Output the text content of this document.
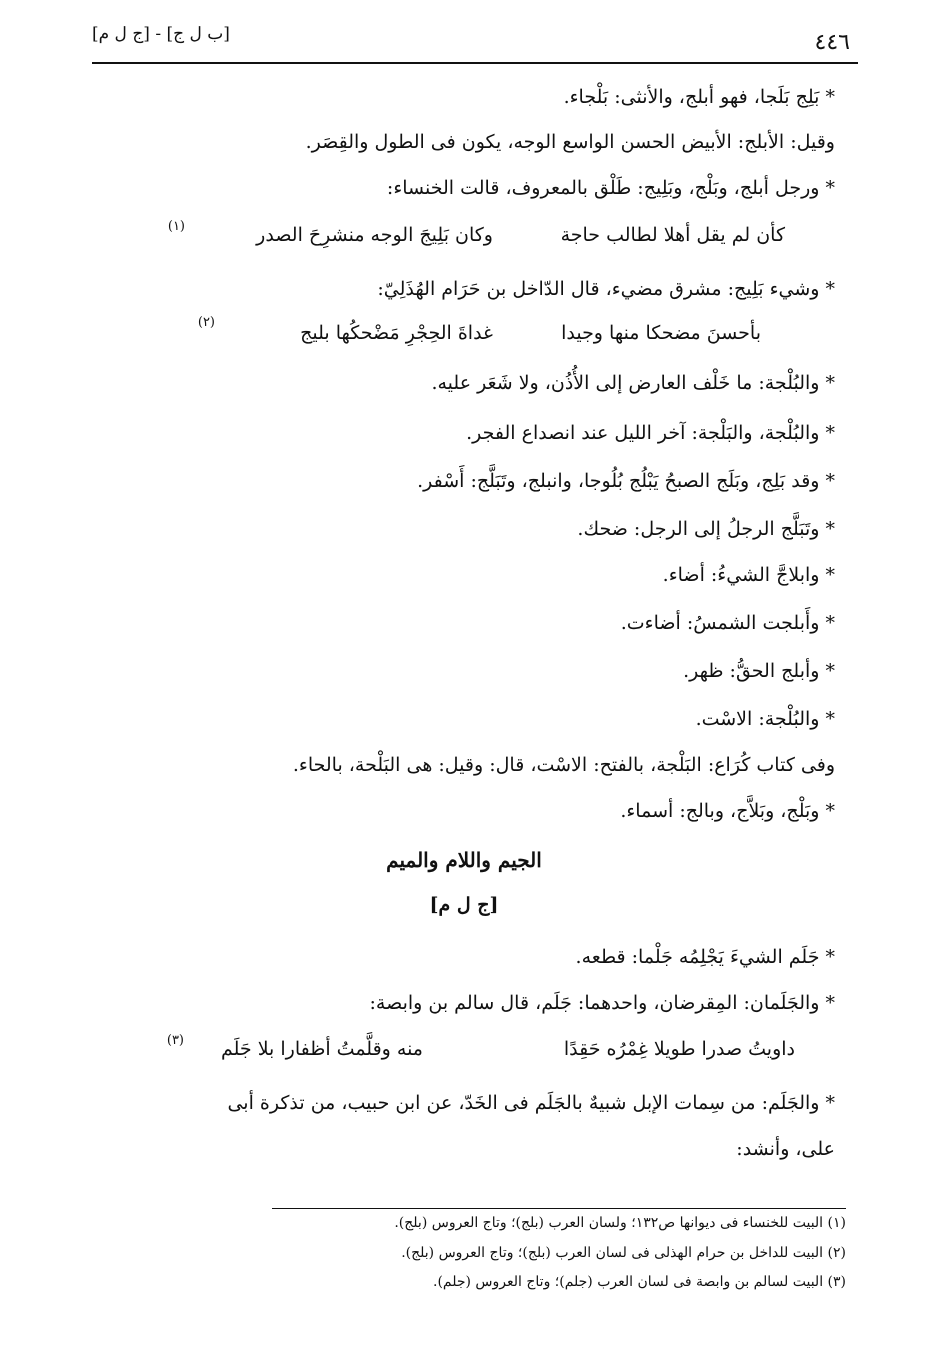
٤٤٦
[ب ل ج] - [ج ل م]
* بَلِج بَلَجا، فهو أبلج، والأنثى: بَلْجاء.
وقيل: الأبلج: الأبيض الحسن الواسع الوجه، يكون فى الطول والقِصَر.
* ورجل أبلج، وبَلْج، وبَلِيج: طَلْق بالمعروف، قالت الخنساء:
كأن لم يقل أهلا لطالب حاجة
وكان بَلِيجَ الوجه منشرِحَ الصدر
(١)
* وشيء بَلِيج: مشرق مضيء، قال الدّاخل بن حَرَام الهُذَلِيّ:
بأحسنَ مضحكا منها وجيدا
غداةَ الحِجْرِ مَضْحكُها بليج
(٢)
* والبُلْجة: ما خَلْف العارض إلى الأُذُن، ولا شَعَر عليه.
* والبُلْجة، والبَلْجة: آخر الليل عند انصداع الفجر.
* وقد بَلِج، وبَلَج الصبحُ يَبْلُج بُلُوجا، وانبلج، وتَبَلَّج: أَسْفر.
* وتَبَلَّج الرجلُ إلى الرجل: ضحك.
* وابلاجَّ الشيءُ: أضاء.
* وأَبلجت الشمسُ: أضاءت.
* وأبلج الحقُّ: ظهر.
* والبُلْجة: الاسْت.
وفى كتاب كُرَاع: البَلْجة، بالفتح: الاسْت، قال: وقيل: هى البَلْحة، بالحاء.
* وبَلْج، وبَلاَّج، وبالج: أسماء.
الجيم واللام والميم
[ج ل م]
* جَلَم الشيءَ يَجْلِمُه جَلْما: قطعه.
* والجَلَمان: المِقرضان، واحدهما: جَلَم، قال سالم بن وابصة:
داويتُ صدرا طويلا غِمْرُه حَقِدًا
منه وقلَّمتُ أظفارا بلا جَلَم
(٣)
* والجَلَم: من سِمات الإبل شبيهٌ بالجَلَم فى الخَدّ، عن ابن حبيب، من تذكرة أبى
على، وأنشد:
(١) البيت للخنساء فى ديوانها ص١٣٢؛ ولسان العرب (بلج)؛ وتاج العروس (بلج).
(٢) البيت للداخل بن حرام الهذلى فى لسان العرب (بلج)؛ وتاج العروس (بلج).
(٣) البيت لسالم بن وابصة فى لسان العرب (جلم)؛ وتاج العروس (جلم).
